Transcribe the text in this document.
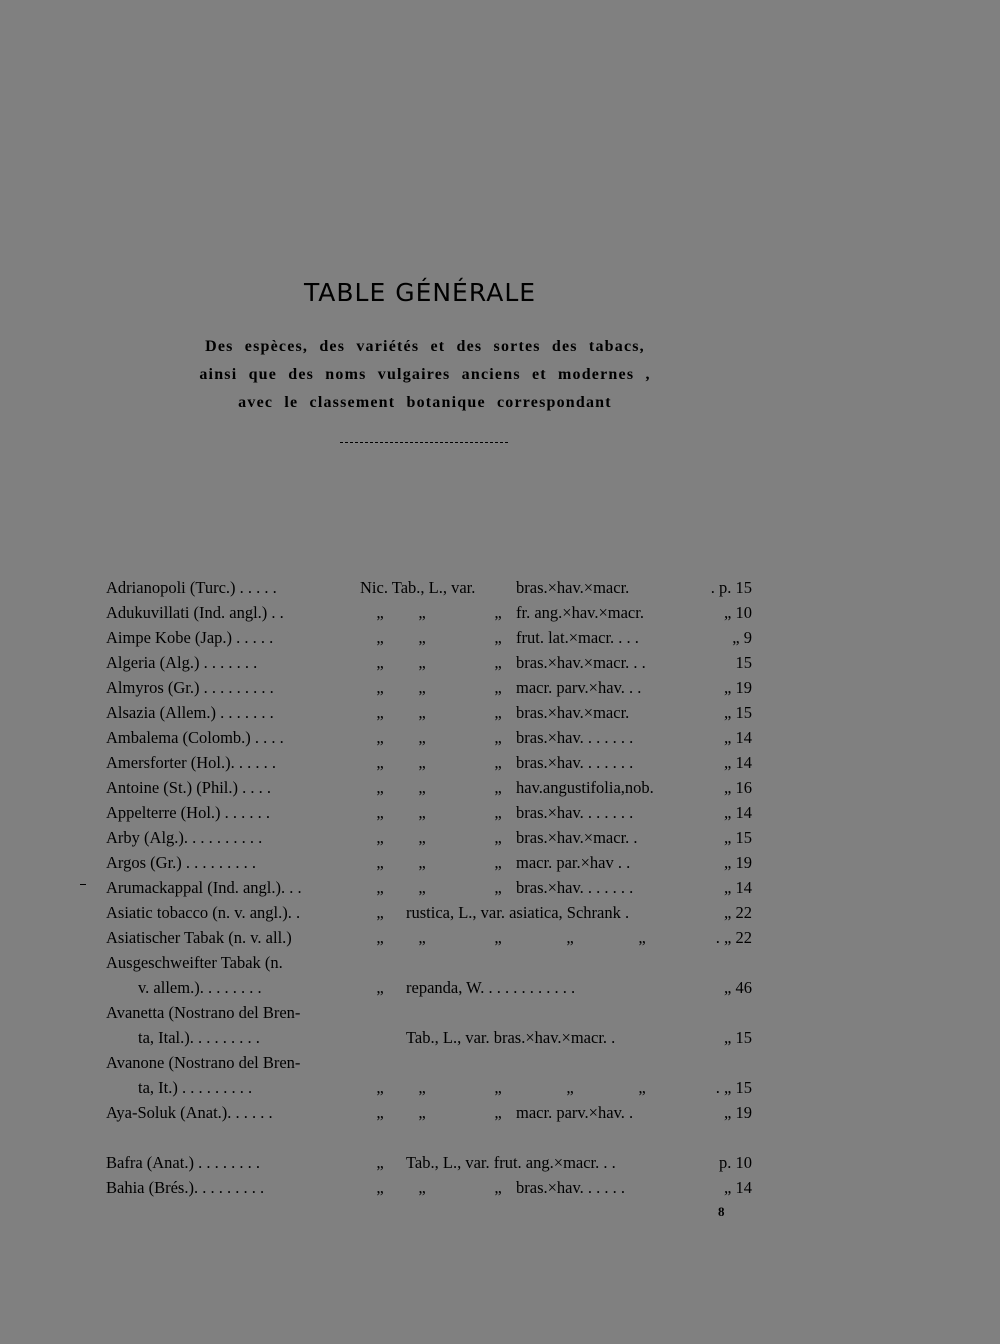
TABLE GÉNÉRALE
Des espèces, des variétés et des sortes des tabacs,
ainsi que des noms vulgaires anciens et modernes ,
avec le classement botanique correspondant
Adrianopoli (Turc.) . . . . .	Nic. Tab., L., var. bras.×hav.×macr.	. p. 15
Adukuvillati (Ind. angl.) . .	„	„	„ fr. ang.×hav.×macr.	„ 10
Aimpe Kobe (Jap.) . . . . .	„	„	„ frut. lat.×macr. . . .	„ 9
Algeria (Alg.) . . . . . . .	„	„	„ bras.×hav.×macr. . .	15
Almyros (Gr.) . . . . . . . . .	„	„	„ macr. parv.×hav. . .	„ 19
Alsazia (Allem.) . . . . . . .	„	„	„ bras.×hav.×macr.	„ 15
Ambalema (Colomb.) . . . .	„	„	„ bras.×hav. . . . . . .	„ 14
Amersforter (Hol.). . . . . .	„	„	„ bras.×hav. . . . . . .	„ 14
Antoine (St.) (Phil.) . . . .	„	„	„ hav.angustifolia,nob.	„ 16
Appelterre (Hol.) . . . . . .	„	„	„ bras.×hav. . . . . . .	„ 14
Arby (Alg.). . . . . . . . . .	„	„	„ bras.×hav.×macr. .	„ 15
Argos (Gr.) . . . . . . . . .	„	„	„ macr. par.×hav . .	„ 19
Arumackappal (Ind. angl.). . .	„	„	„ bras.×hav. . . . . . .	„ 14
Asiatic tobacco (n. v. angl.). .	„	rustica, L., var. asiatica, Schrank .	„ 22
Asiatischer Tabak (n. v. all.)	„	„	„	„	„	. „ 22
Ausgeschweifter Tabak (n.
v. allem.). . . . . . . .	„	repanda, W. . . . . . . . . . . .	„ 46
Avanetta (Nostrano del Bren-
ta, Ital.). . . . . . . . .	Tab., L., var. bras.×hav.×macr. .	„ 15
Avanone (Nostrano del Bren-
ta, It.) . . . . . . . . .	„	„	„	„	„	. „ 15
Aya-Soluk (Anat.). . . . . .	„	„	„ macr. parv.×hav. .	„ 19
Bafra (Anat.) . . . . . . . .	„	Tab., L., var. frut. ang.×macr. . .	p. 10
Bahia (Brés.). . . . . . . . .	„	„	„ bras.×hav. . . . . .	„ 14
8
